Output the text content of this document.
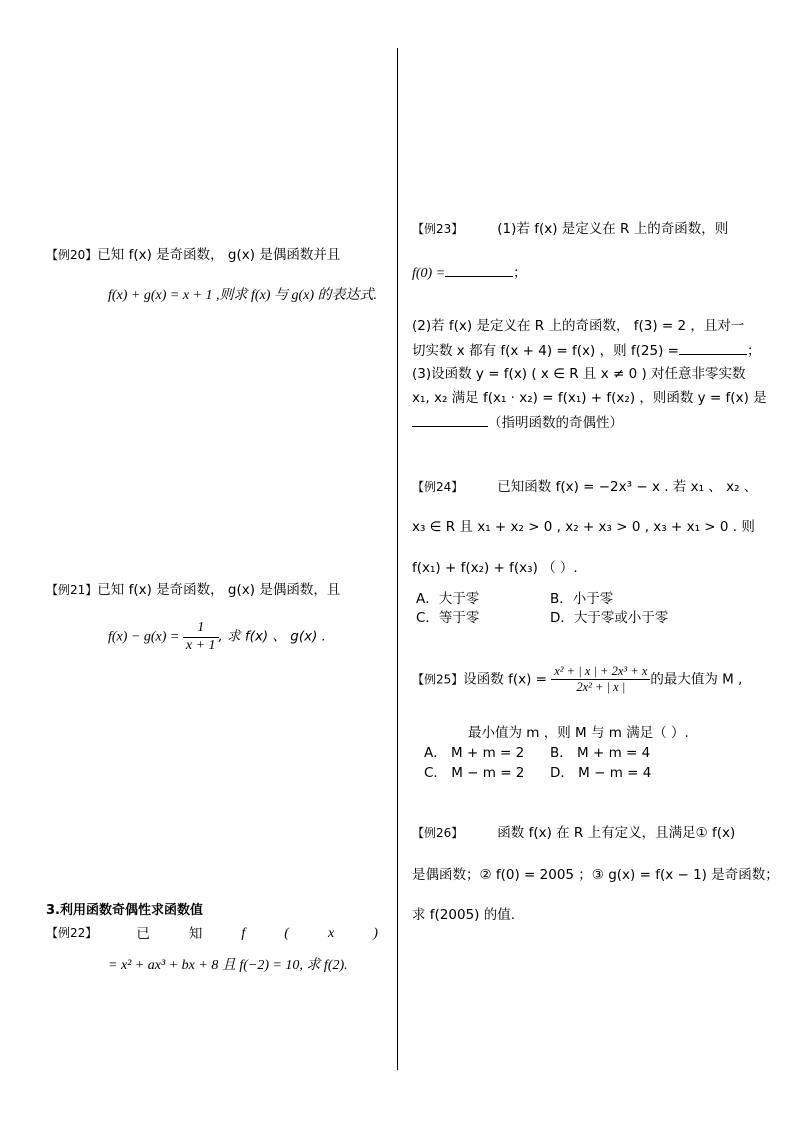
【例20】已知 f(x) 是奇函数， g(x) 是偶函数并且
f(x) + g(x) = x + 1 ,则求 f(x) 与 g(x) 的表达式.
【例21】已知 f(x) 是奇函数， g(x) 是偶函数，且
$f(x) - g(x) = \frac{1}{x + 1}$ , 求 f(x) 、 g(x) .
3.利用函数奇偶性求函数值
【例22】	已	知	f	(	x	)
= x² + ax³ + bx + 8 且 f(−2) = 10, 求 f(2).
【例23】	(1)若 f(x) 是定义在 R 上的奇函数，则
f(0) =	；
(2)若 f(x) 是定义在 R 上的奇函数， f(3) = 2 ，且对一
切实数 x 都有 f(x + 4) = f(x) ，则 f(25) =	；
(3)设函数 y = f(x) ( x ∈ R 且 x ≠ 0 ) 对任意非零实数
x₁, x₂ 满足 f(x₁ · x₂) = f(x₁) + f(x₂) ，则函数 y = f(x) 是
（指明函数的奇偶性）
【例24】	已知函数 f(x) = −2x³ − x . 若 x₁ 、 x₂ 、
x₃ ∈ R 且 x₁ + x₂ > 0 , x₂ + x₃ > 0 , x₃ + x₁ > 0 . 则
f(x₁) + f(x₂) + f(x₃) （ ）.
A．大于零	B．小于零
C．等于零	D．大于零或小于零
【例25】设函数 $f(x) = \frac{\text{x² + | x | + 2x³ + x}}{\text{2x² + | x |}}$ 的最大值为 M ,
最小值为 m ，则 M 与 m 满足（ ）.
A． M + m = 2 B． M + m = 4
C． M − m = 2 D． M − m = 4
【例26】	函数 f(x) 在 R 上有定义，且满足① f(x)
是偶函数；② f(0) = 2005 ；③ g(x) = f(x − 1) 是奇函数；
求 f(2005) 的值.
